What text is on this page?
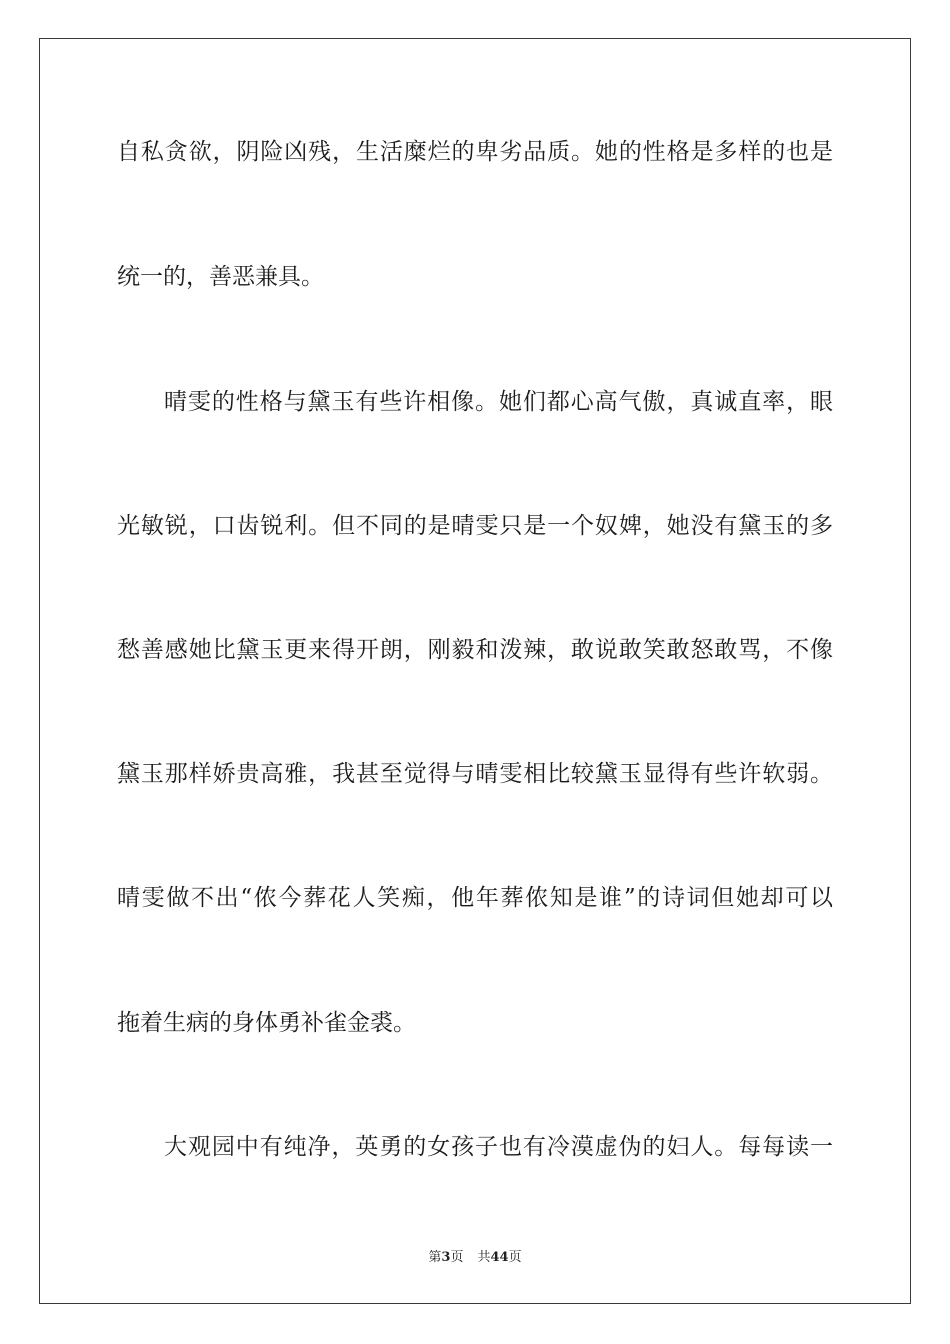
自私贪欲，阴险凶残，生活糜烂的卑劣品质。她的性格是多样的也是
统一的，善恶兼具。
晴雯的性格与黛玉有些许相像。她们都心高气傲，真诚直率，眼
光敏锐，口齿锐利。但不同的是晴雯只是一个奴婢，她没有黛玉的多
愁善感她比黛玉更来得开朗，刚毅和泼辣，敢说敢笑敢怒敢骂，不像
黛玉那样娇贵高雅，我甚至觉得与晴雯相比较黛玉显得有些许软弱。
晴雯做不出“侬今葬花人笑痴，他年葬侬知是谁”的诗词但她却可以
拖着生病的身体勇补雀金裘。
大观园中有纯净，英勇的女孩子也有冷漠虚伪的妇人。每每读一
第3页 共44页
